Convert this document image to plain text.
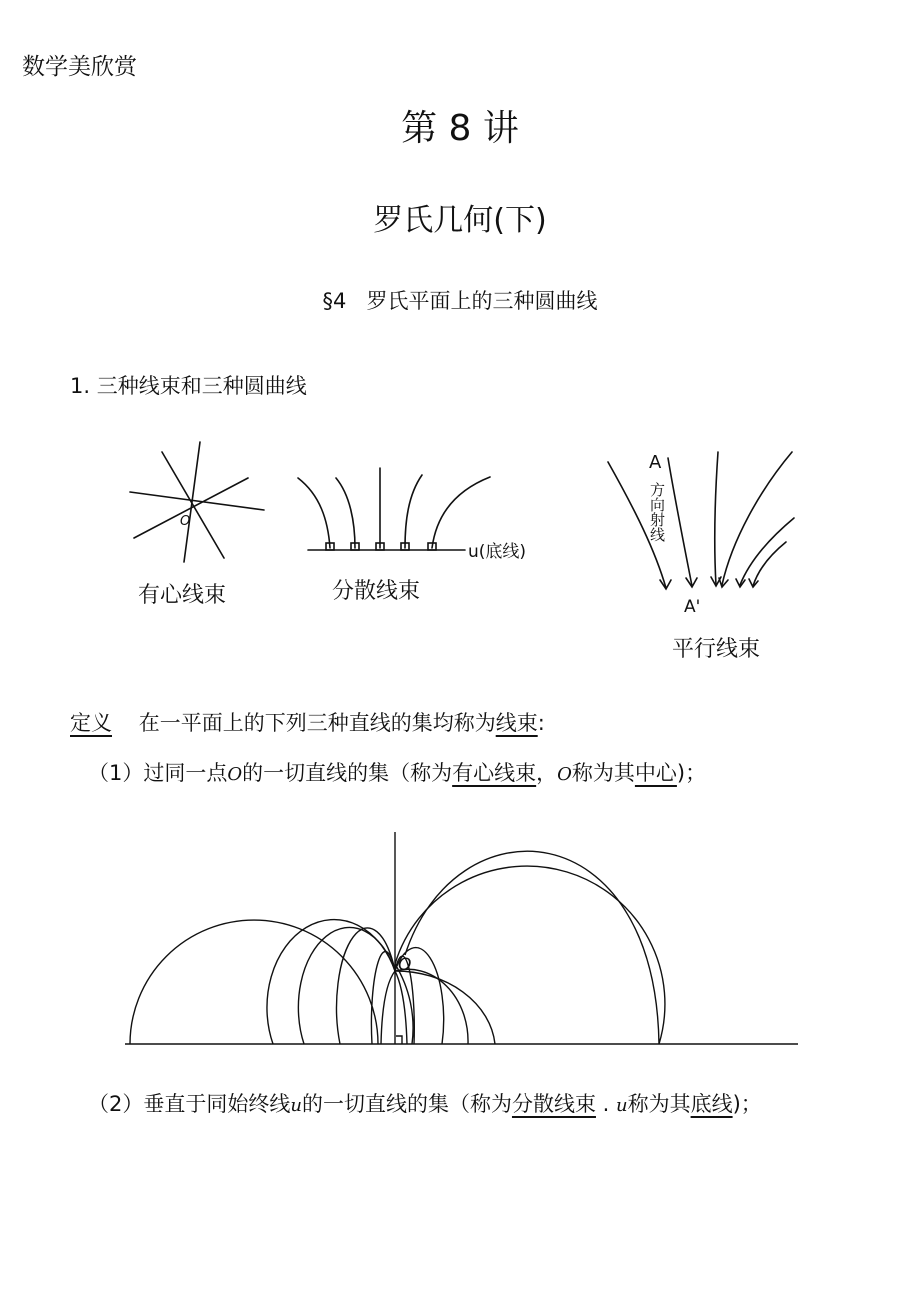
数学美欣赏
第 8 讲
罗氏几何(下)
§4 罗氏平面上的三种圆曲线
1. 三种线束和三种圆曲线
O
有心线束
u(底线)
分散线束
A
方向射线
A'
平行线束
定义 在一平面上的下列三种直线的集均称为线束:
（1）过同一点O的一切直线的集（称为有心线束，O称为其中心)；
O
（2）垂直于同始终线u的一切直线的集（称为分散线束 . u称为其底线)；
